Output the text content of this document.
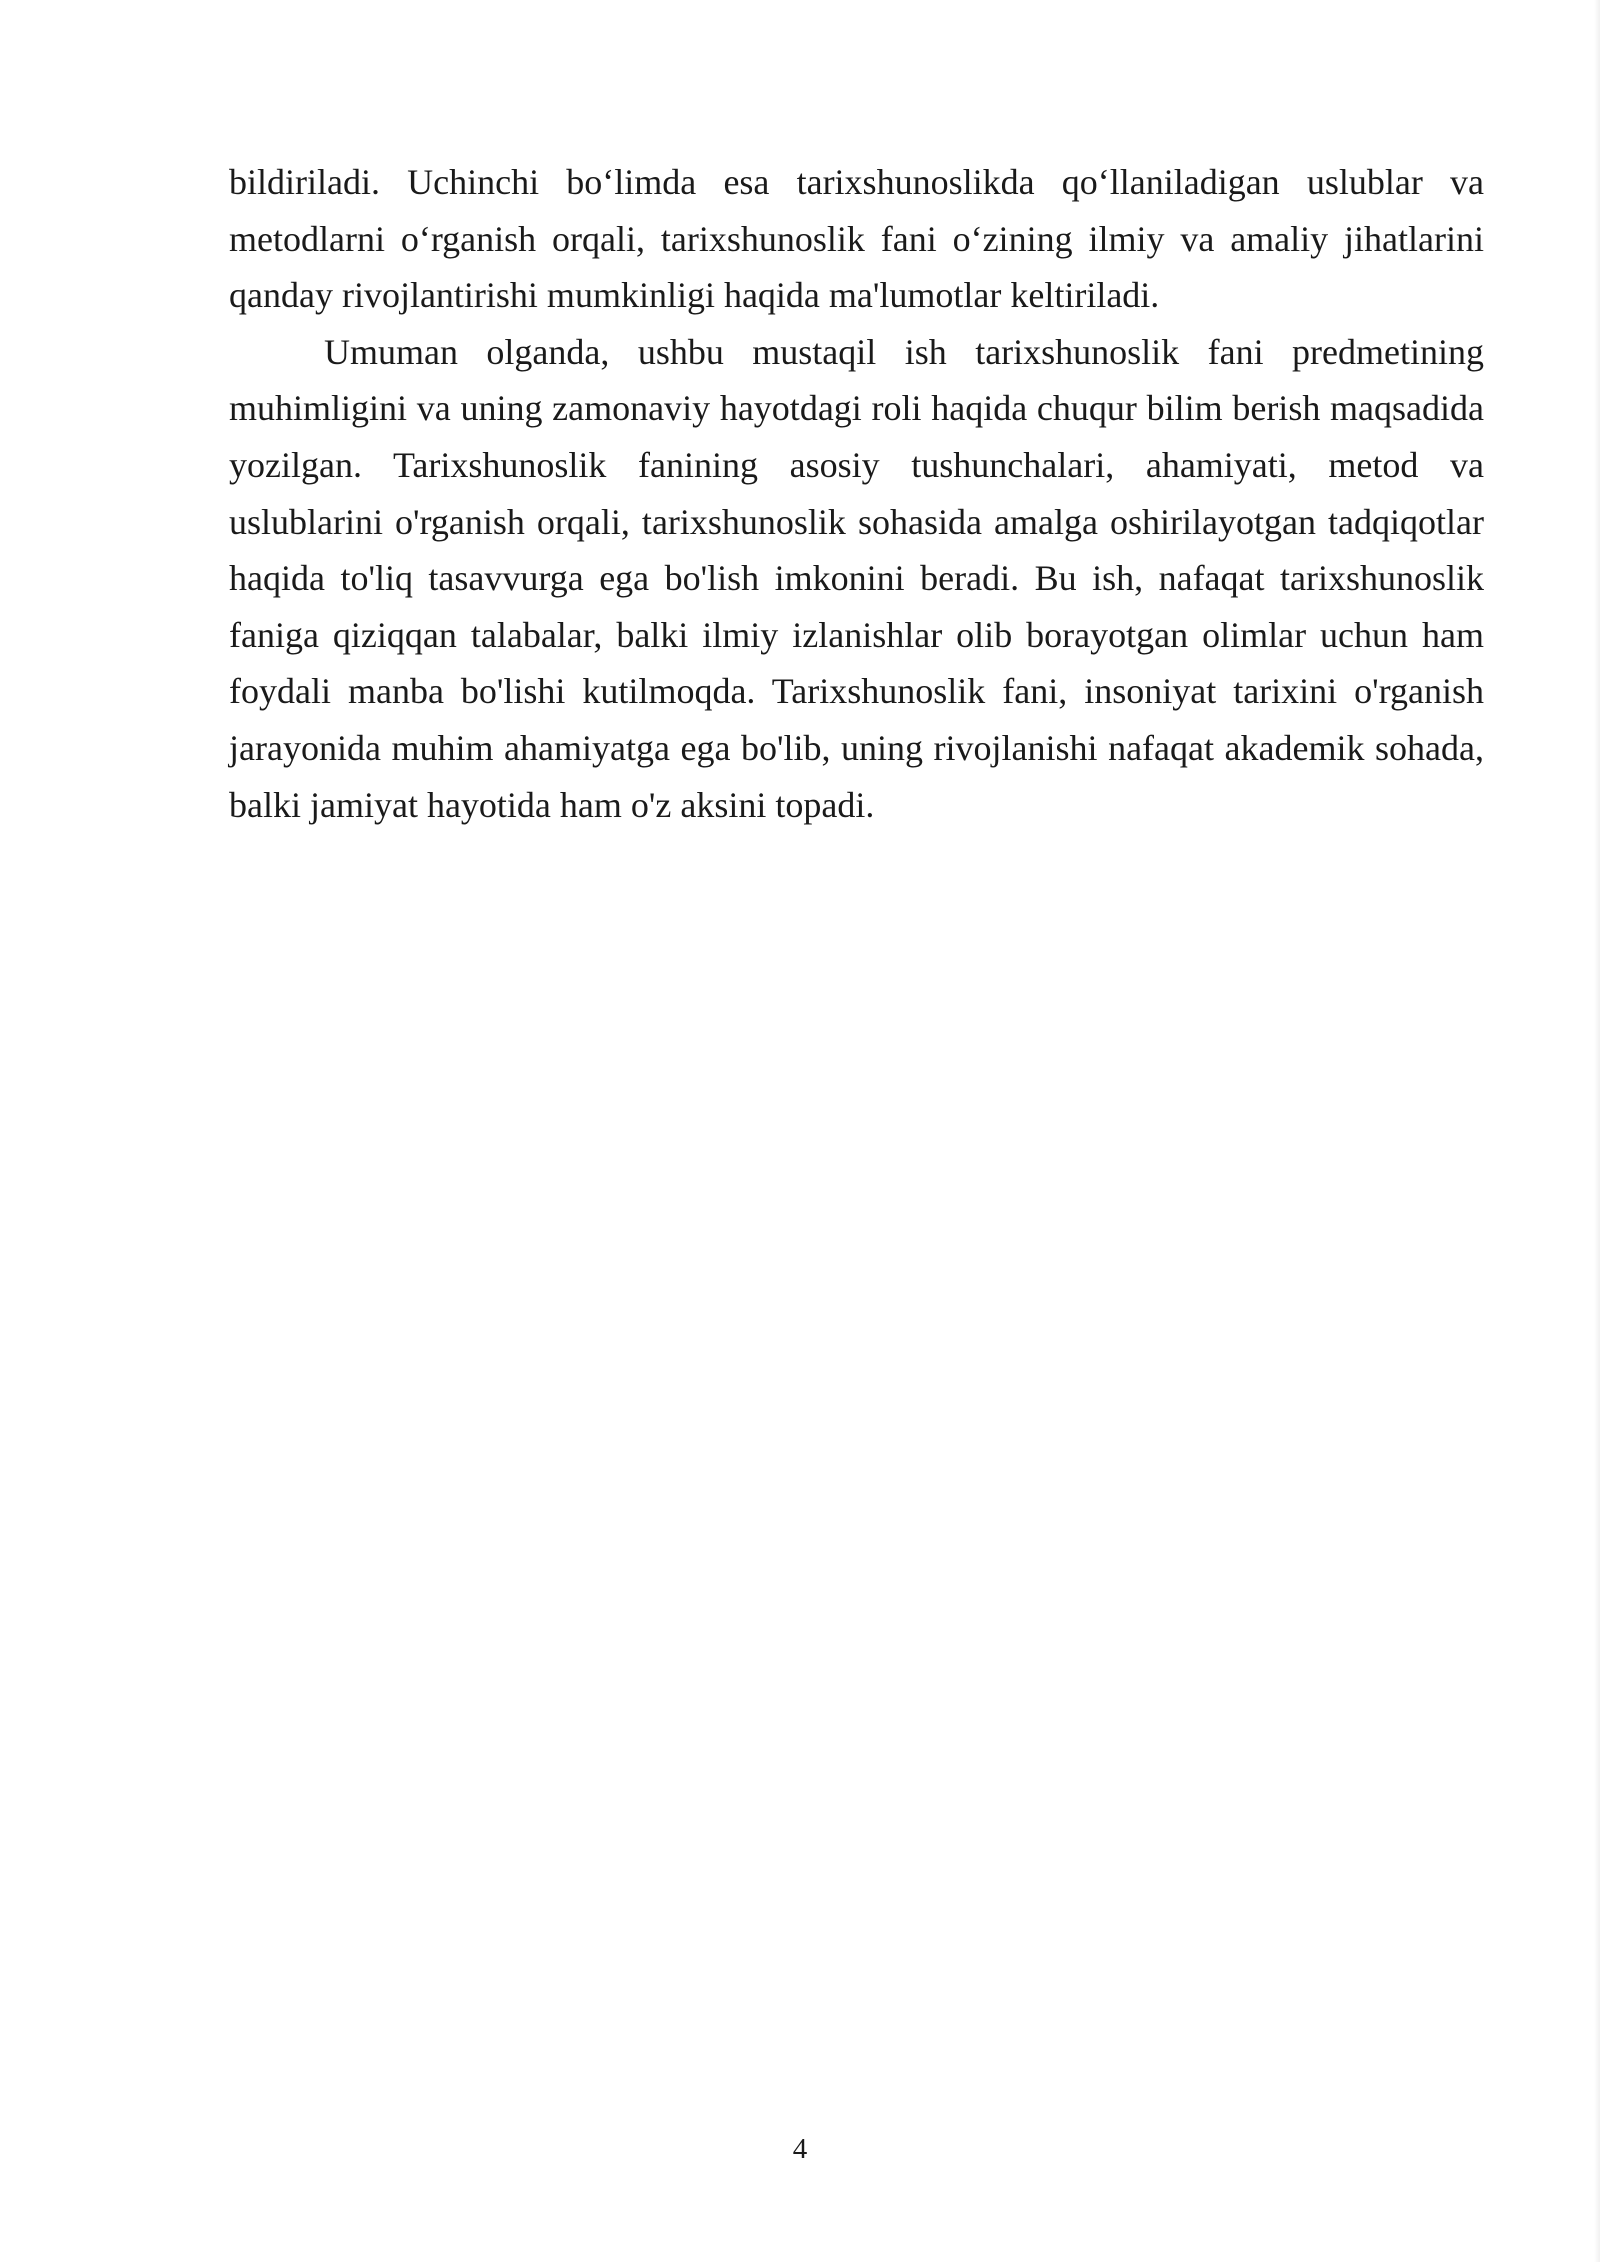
bildiriladi. Uchinchi bo‘limda esa tarixshunoslikda qo‘llaniladigan uslublar va metodlarni o‘rganish orqali, tarixshunoslik fani o‘zining ilmiy va amaliy jihatlarini qanday rivojlantirishi mumkinligi haqida ma'lumotlar keltiriladi.

Umuman olganda, ushbu mustaqil ish tarixshunoslik fani predmetining muhimligini va uning zamonaviy hayotdagi roli haqida chuqur bilim berish maqsadida yozilgan. Tarixshunoslik fanining asosiy tushunchalari, ahamiyati, metod va uslublarini o'rganish orqali, tarixshunoslik sohasida amalga oshirilayotgan tadqiqotlar haqida to'liq tasavvurga ega bo'lish imkonini beradi. Bu ish, nafaqat tarixshunoslik faniga qiziqqan talabalar, balki ilmiy izlanishlar olib borayotgan olimlar uchun ham foydali manba bo'lishi kutilmoqda. Tarixshunoslik fani, insoniyat tarixini o'rganish jarayonida muhim ahamiyatga ega bo'lib, uning rivojlanishi nafaqat akademik sohada, balki jamiyat hayotida ham o'z aksini topadi.

4
